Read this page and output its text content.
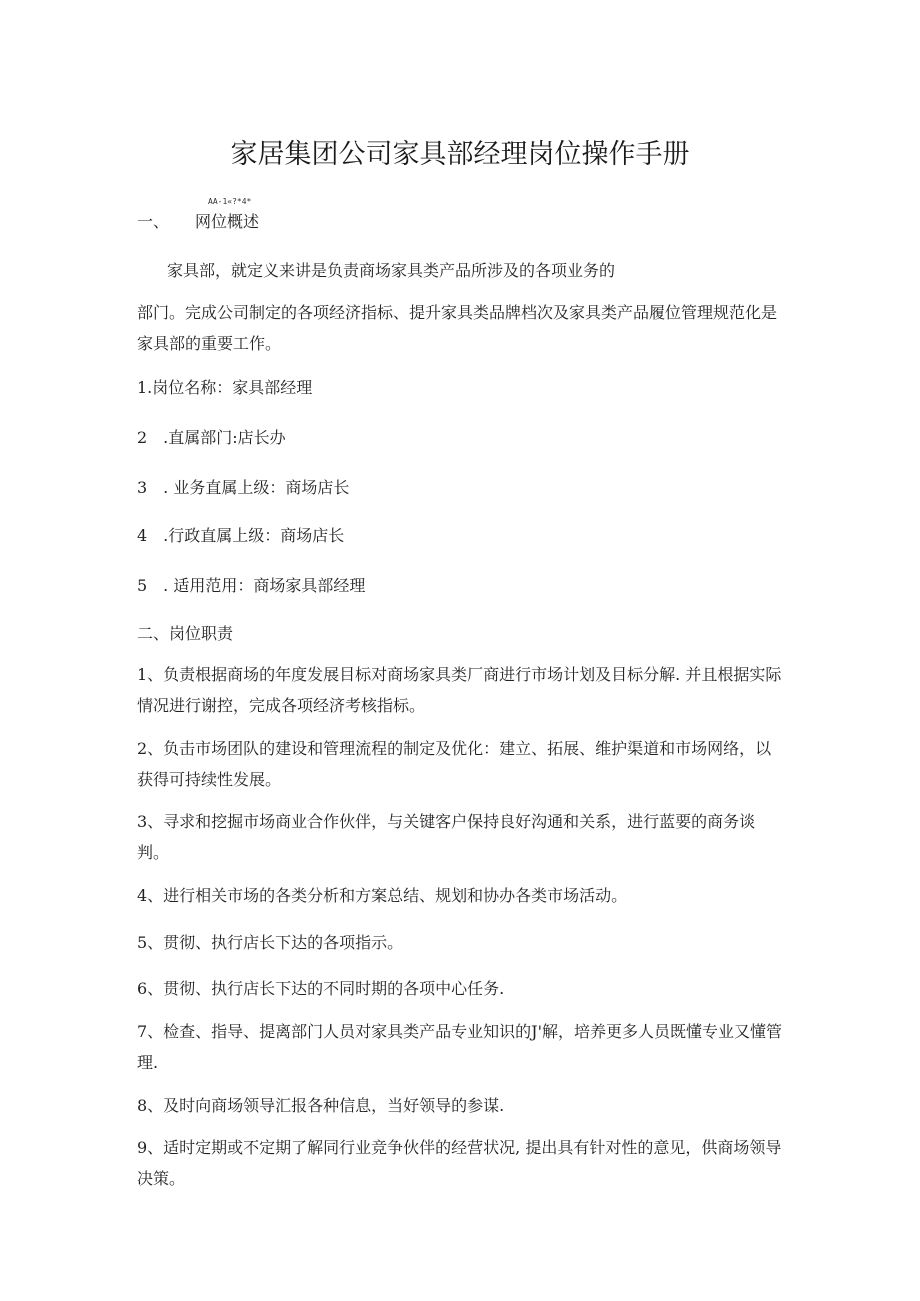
家居集团公司家具部经理岗位操作手册
AA-1«?*4*
一、 网位概述
家具部，就定义来讲是负责商场家具类产品所涉及的各项业务的
部门。完成公司制定的各项经济指标、提升家具类品牌档次及家具类产品履位管理规范化是家具部的重要工作。
1.岗位名称：家具部经理
2　.直属部门:店长办
3　. 业务直属上级：商场店长
4　.行政直属上级：商场店长
5　. 适用范用：商场家具部经理
二、岗位职责
1、负责根据商场的年度发展目标对商场家具类厂商进行市场计划及目标分解. 并且根据实际情况进行谢控，完成各项经济考核指标。
2、负击市场团队的建设和管理流程的制定及优化：建立、拓展、维护渠道和市场网络，以获得可持续性发展。
3、寻求和挖掘市场商业合作伙伴，与关键客户保持良好沟通和关系，进行蓝要的商务谈判。
4、进行相关市场的各类分析和方案总结、规划和协办各类市场活动。
5、贯彻、执行店长下达的各项指示。
6、贯彻、执行店长下达的不同时期的各项中心任务.
7、检查、指导、提离部门人员对家具类产品专业知识的J'解，培养更多人员既懂专业又懂管理.
8、及时向商场领导汇报各种信息，当好领导的参谋.
9、适时定期或不定期了解同行业竞争伙伴的经营状况, 提出具有针对性的意见，供商场领导决策。
